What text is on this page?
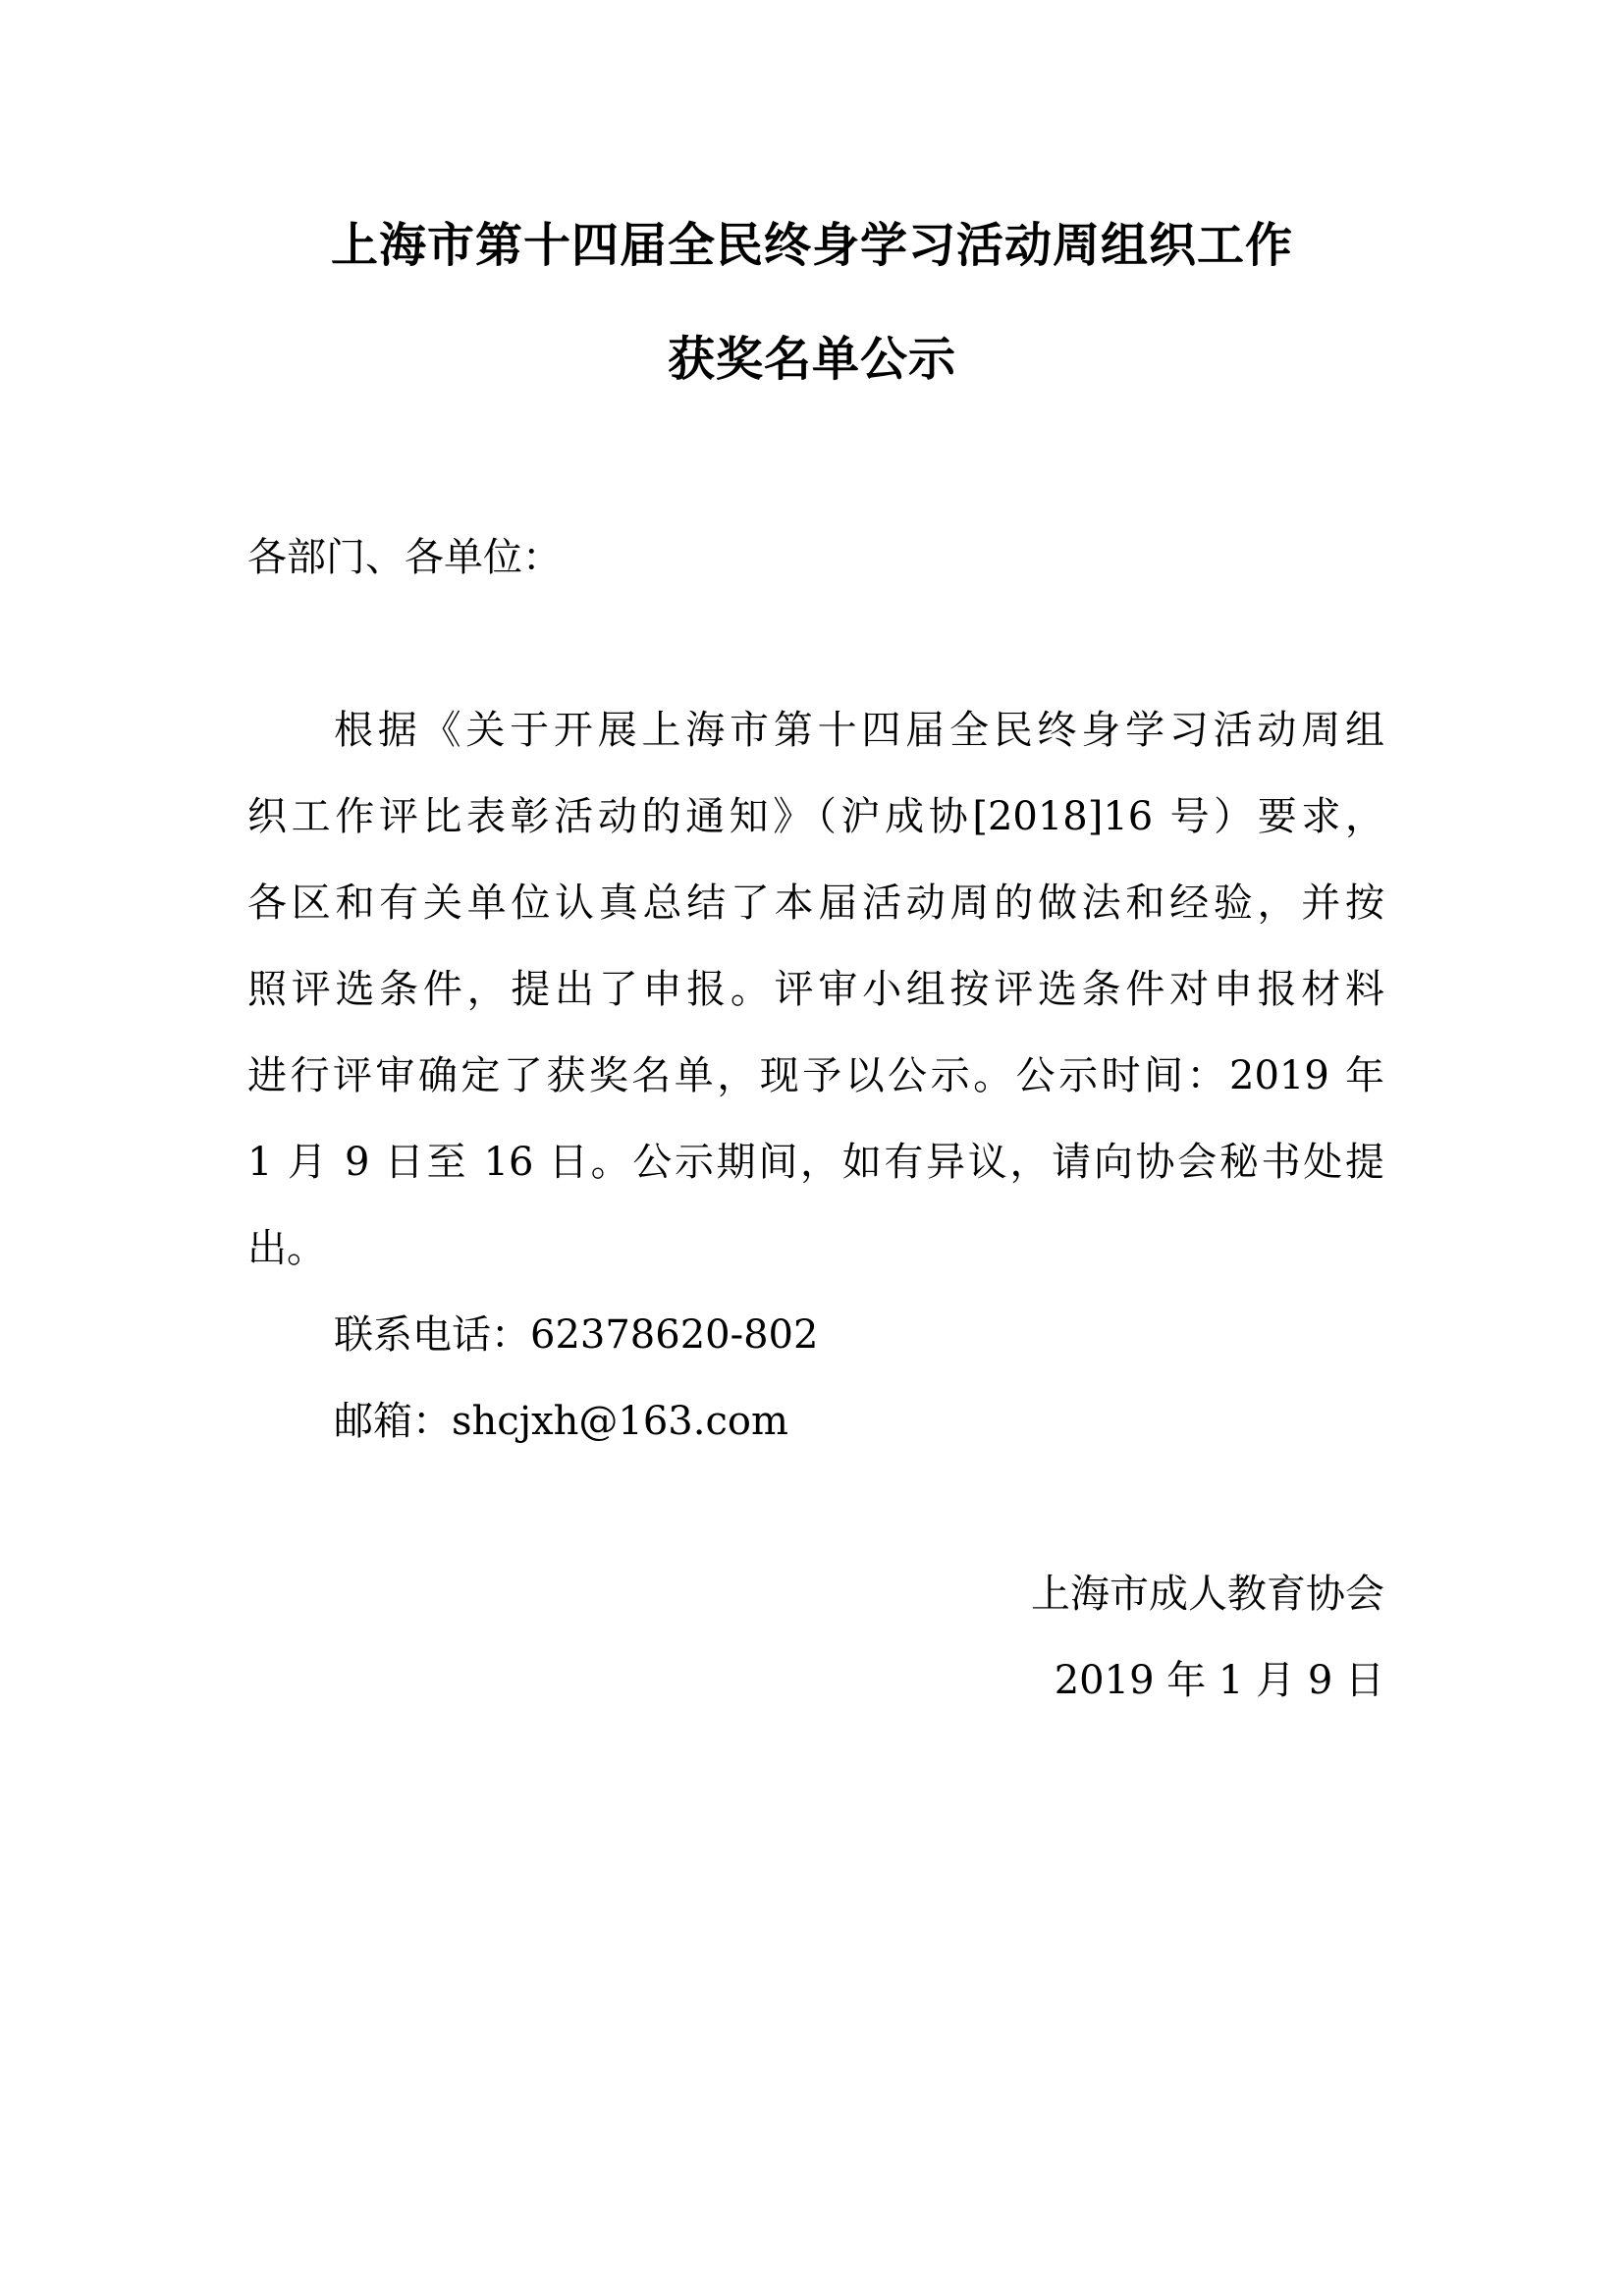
上海市第十四届全民终身学习活动周组织工作
获奖名单公示
各部门、各单位：
根据《关于开展上海市第十四届全民终身学习活动周组
织工作评比表彰活动的通知》（沪成协[2018]16 号）要求，
各区和有关单位认真总结了本届活动周的做法和经验，并按
照评选条件，提出了申报。评审小组按评选条件对申报材料
进行评审确定了获奖名单，现予以公示。公示时间：2019 年
1 月 9 日至 16 日。公示期间，如有异议，请向协会秘书处提
出。
联系电话：62378620-802
邮箱：shcjxh@163.com
上海市成人教育协会
2019 年 1 月 9 日
